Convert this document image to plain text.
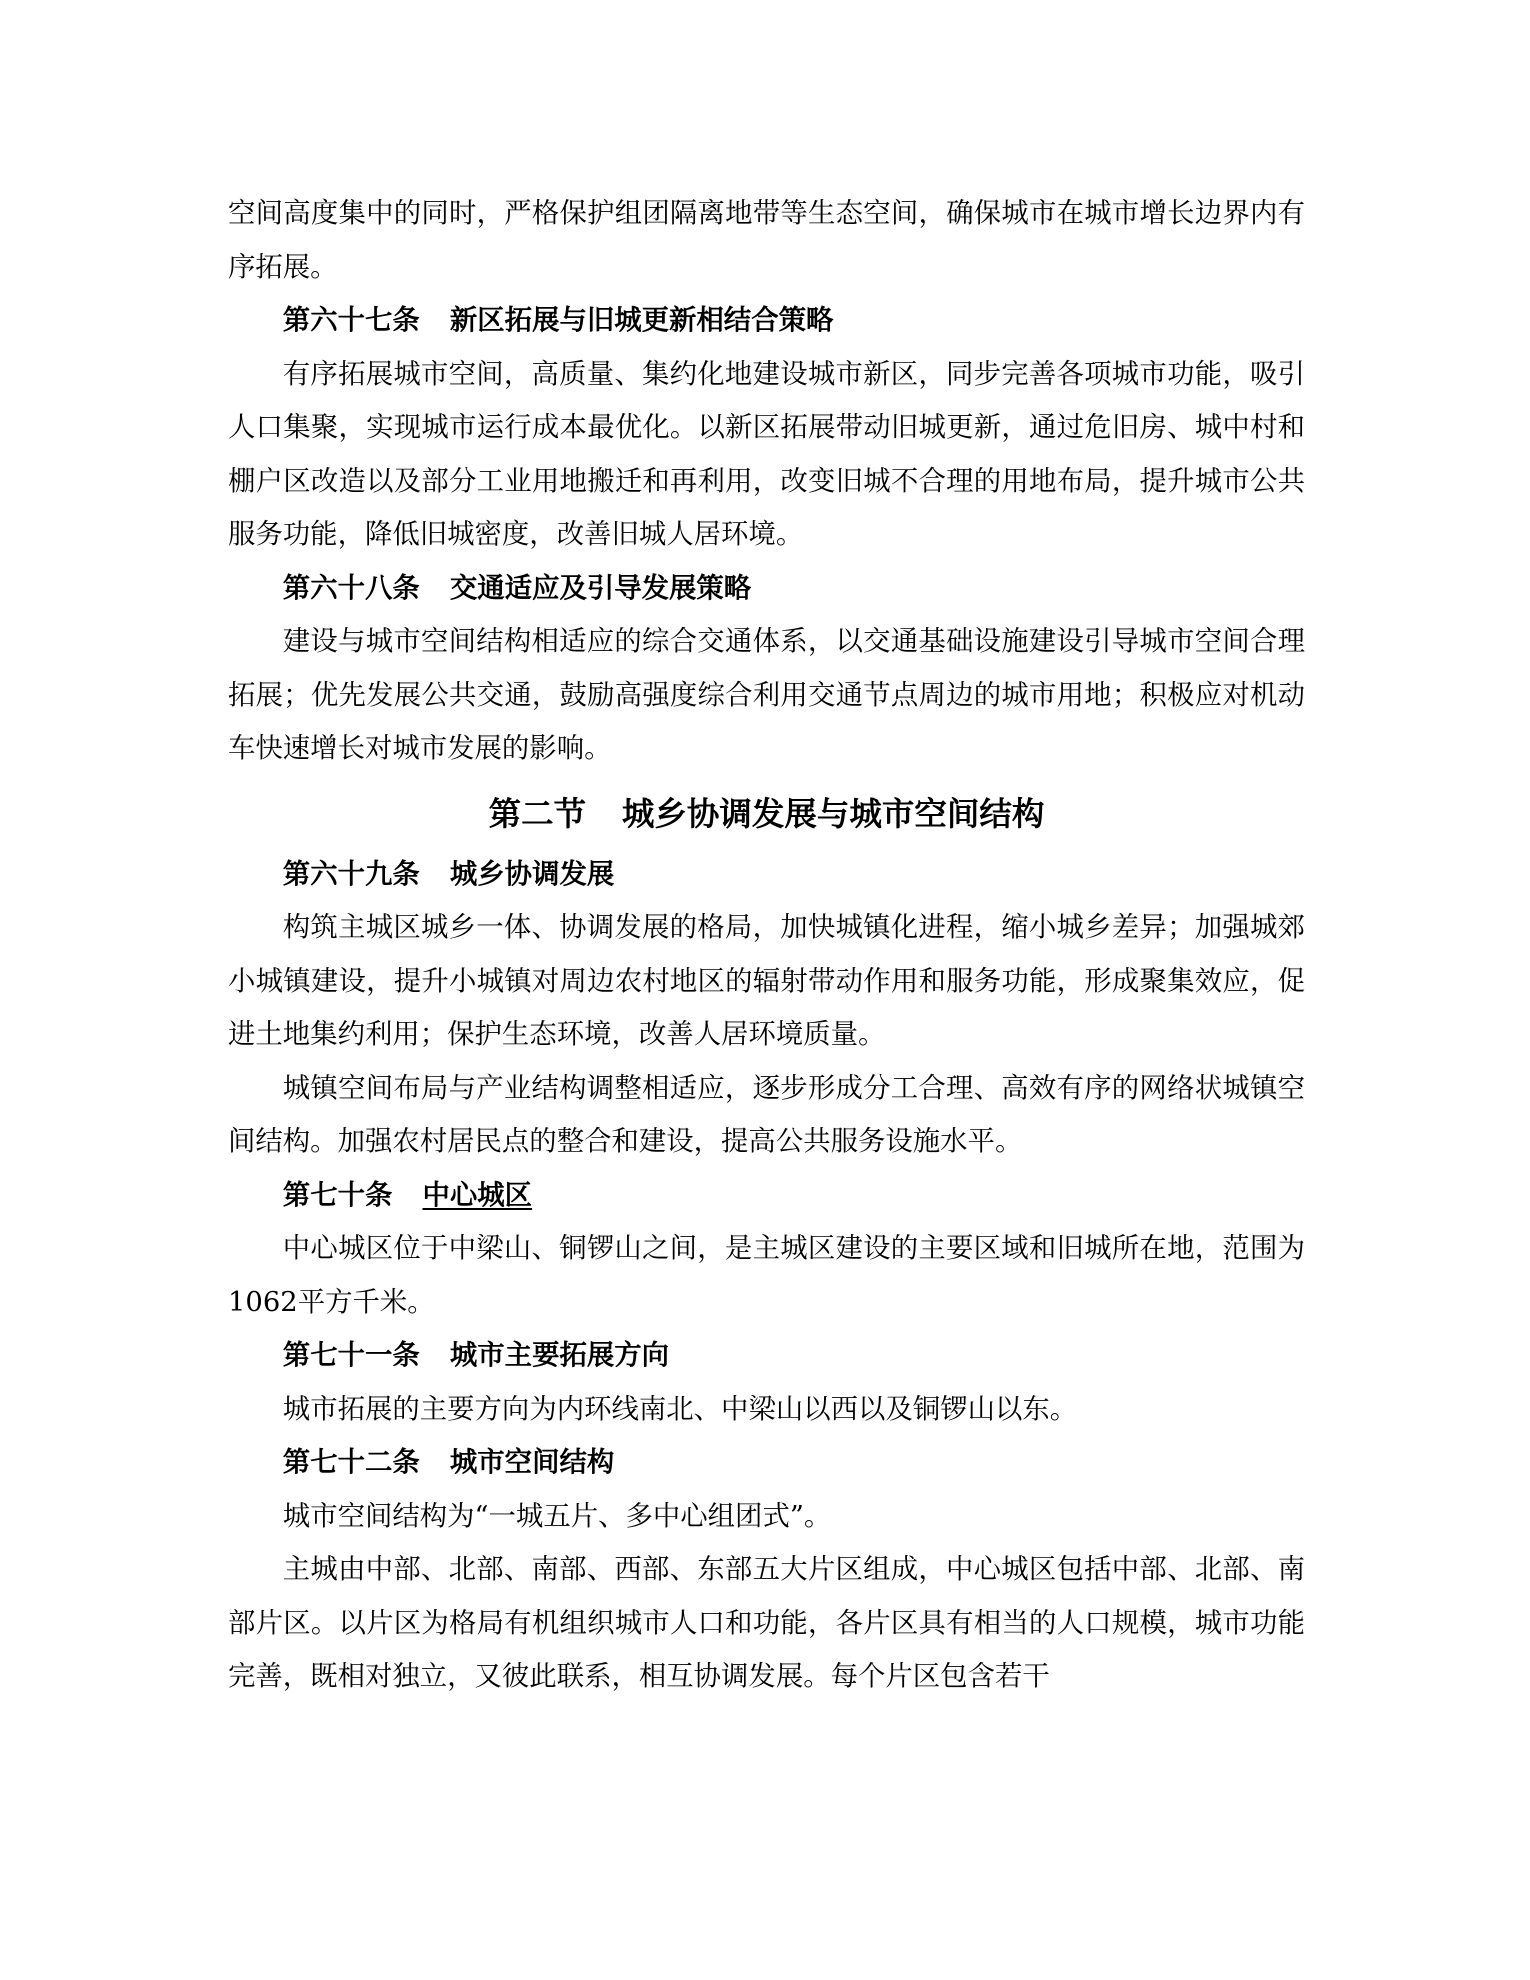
空间高度集中的同时，严格保护组团隔离地带等生态空间，确保城市在城市增长边界内有序拓展。

第六十七条 新区拓展与旧城更新相结合策略

有序拓展城市空间，高质量、集约化地建设城市新区，同步完善各项城市功能，吸引人口集聚，实现城市运行成本最优化。以新区拓展带动旧城更新，通过危旧房、城中村和棚户区改造以及部分工业用地搬迁和再利用，改变旧城不合理的用地布局，提升城市公共服务功能，降低旧城密度，改善旧城人居环境。

第六十八条 交通适应及引导发展策略

建设与城市空间结构相适应的综合交通体系，以交通基础设施建设引导城市空间合理拓展；优先发展公共交通，鼓励高强度综合利用交通节点周边的城市用地；积极应对机动车快速增长对城市发展的影响。

第二节 城乡协调发展与城市空间结构
第六十九条 城乡协调发展

构筑主城区城乡一体、协调发展的格局，加快城镇化进程，缩小城乡差异；加强城郊小城镇建设，提升小城镇对周边农村地区的辐射带动作用和服务功能，形成聚集效应，促进土地集约利用；保护生态环境，改善人居环境质量。

城镇空间布局与产业结构调整相适应，逐步形成分工合理、高效有序的网络状城镇空间结构。加强农村居民点的整合和建设，提高公共服务设施水平。

第七十条 中心城区

中心城区位于中梁山、铜锣山之间，是主城区建设的主要区域和旧城所在地，范围为1062平方千米。

第七十一条 城市主要拓展方向

城市拓展的主要方向为内环线南北、中梁山以西以及铜锣山以东。

第七十二条 城市空间结构

城市空间结构为“一城五片、多中心组团式”。

主城由中部、北部、南部、西部、东部五大片区组成，中心城区包括中部、北部、南部片区。以片区为格局有机组织城市人口和功能，各片区具有相当的人口规模，城市功能完善，既相对独立，又彼此联系，相互协调发展。每个片区包含若干
